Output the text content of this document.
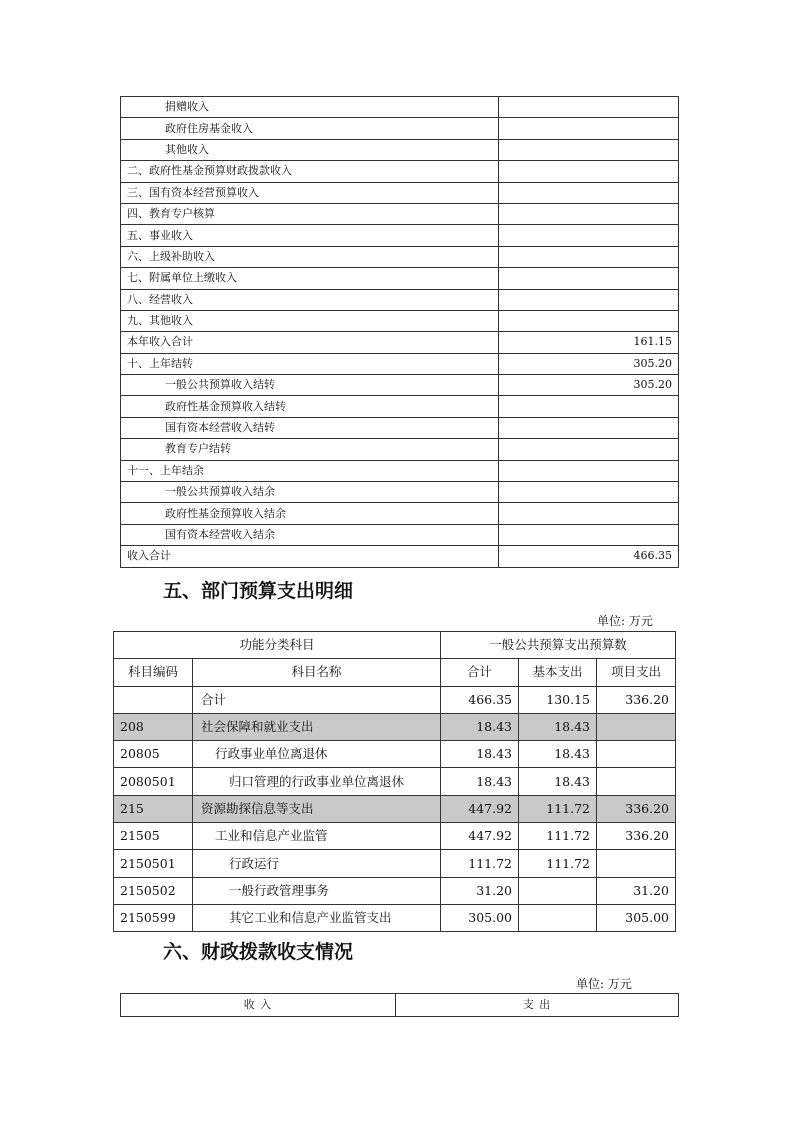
捐赠收入	
政府住房基金收入	
其他收入	
二、政府性基金预算财政拨款收入	
三、国有资本经营预算收入	
四、教育专户核算	
五、事业收入	
六、上级补助收入	
七、附属单位上缴收入	
八、经营收入	
九、其他收入	
本年收入合计	161.15
十、上年结转	305.20
一般公共预算收入结转	305.20
政府性基金预算收入结转	
国有资本经营收入结转	
教育专户结转	
十一、上年结余	
一般公共预算收入结余	
政府性基金预算收入结余	
国有资本经营收入结余	
收入合计	466.35
五、部门预算支出明细
单位: 万元
功能分类科目		一般公共预算支出预算数		
科目编码	科目名称	合计	基本支出	项目支出
	合计	466.35	130.15	336.20
208	社会保障和就业支出	18.43	18.43	
20805	行政事业单位离退休	18.43	18.43	
2080501	归口管理的行政事业单位离退休	18.43	18.43	
215	资源勘探信息等支出	447.92	111.72	336.20
21505	工业和信息产业监管	447.92	111.72	336.20
2150501	行政运行	111.72	111.72	
2150502	一般行政管理事务	31.20		31.20
2150599	其它工业和信息产业监管支出	305.00		305.00
六、财政拨款收支情况
单位: 万元
收 入	支 出
